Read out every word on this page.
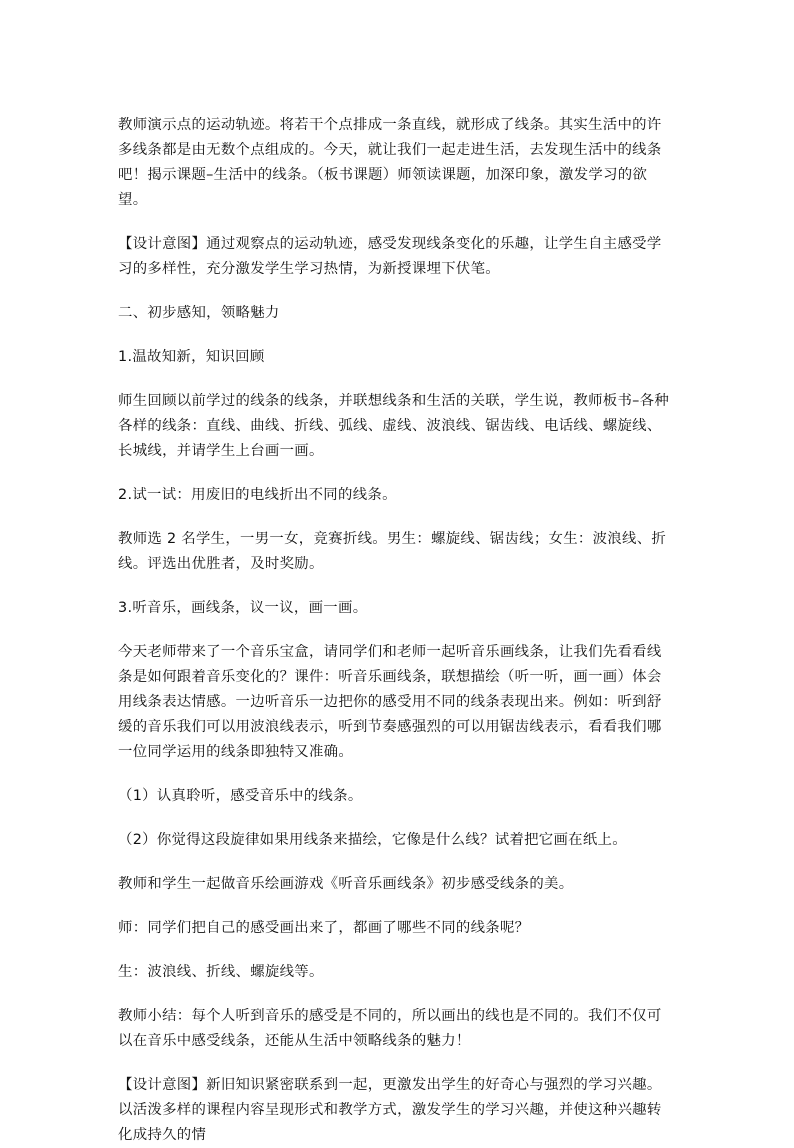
教师演示点的运动轨迹。将若干个点排成一条直线，就形成了线条。其实生活中的许多线条都是由无数个点组成的。今天，就让我们一起走进生活，去发现生活中的线条吧！揭示课题–生活中的线条。（板书课题）师领读课题，加深印象，激发学习的欲望。

【设计意图】通过观察点的运动轨迹，感受发现线条变化的乐趣，让学生自主感受学习的多样性，充分激发学生学习热情，为新授课埋下伏笔。

二、初步感知，领略魅力

1.温故知新，知识回顾

师生回顾以前学过的线条的线条，并联想线条和生活的关联，学生说，教师板书–各种各样的线条：直线、曲线、折线、弧线、虚线、波浪线、锯齿线、电话线、螺旋线、长城线，并请学生上台画一画。

2.试一试：用废旧的电线折出不同的线条。

教师选 2 名学生，一男一女，竞赛折线。男生：螺旋线、锯齿线；女生：波浪线、折线。评选出优胜者，及时奖励。

3.听音乐，画线条，议一议，画一画。

今天老师带来了一个音乐宝盒，请同学们和老师一起听音乐画线条，让我们先看看线条是如何跟着音乐变化的？课件：听音乐画线条，联想描绘（听一听，画一画）体会用线条表达情感。一边听音乐一边把你的感受用不同的线条表现出来。例如：听到舒缓的音乐我们可以用波浪线表示，听到节奏感强烈的可以用锯齿线表示，看看我们哪一位同学运用的线条即独特又准确。

（1）认真聆听，感受音乐中的线条。

（2）你觉得这段旋律如果用线条来描绘，它像是什么线？试着把它画在纸上。

教师和学生一起做音乐绘画游戏《听音乐画线条》初步感受线条的美。

师：同学们把自己的感受画出来了，都画了哪些不同的线条呢？

生：波浪线、折线、螺旋线等。

教师小结：每个人听到音乐的感受是不同的，所以画出的线也是不同的。我们不仅可以在音乐中感受线条，还能从生活中领略线条的魅力！

【设计意图】新旧知识紧密联系到一起，更激发出学生的好奇心与强烈的学习兴趣。以活泼多样的课程内容呈现形式和教学方式，激发学生的学习兴趣，并使这种兴趣转化成持久的情
